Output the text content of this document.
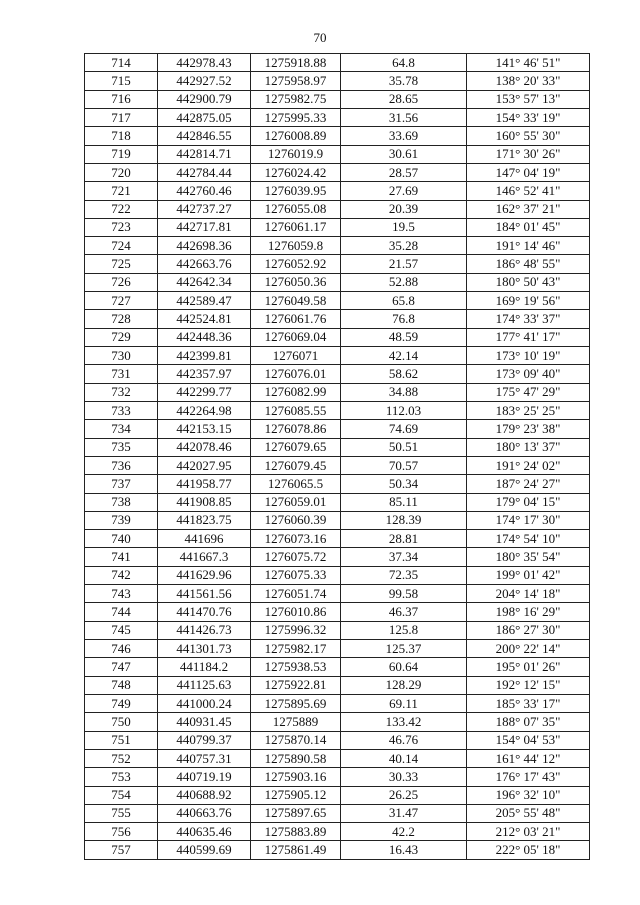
70
714	442978.43	1275918.88	64.8	141° 46' 51"
715	442927.52	1275958.97	35.78	138° 20' 33"
716	442900.79	1275982.75	28.65	153° 57' 13"
717	442875.05	1275995.33	31.56	154° 33' 19"
718	442846.55	1276008.89	33.69	160° 55' 30"
719	442814.71	1276019.9	30.61	171° 30' 26"
720	442784.44	1276024.42	28.57	147° 04' 19"
721	442760.46	1276039.95	27.69	146° 52' 41"
722	442737.27	1276055.08	20.39	162° 37' 21"
723	442717.81	1276061.17	19.5	184° 01' 45"
724	442698.36	1276059.8	35.28	191° 14' 46"
725	442663.76	1276052.92	21.57	186° 48' 55"
726	442642.34	1276050.36	52.88	180° 50' 43"
727	442589.47	1276049.58	65.8	169° 19' 56"
728	442524.81	1276061.76	76.8	174° 33' 37"
729	442448.36	1276069.04	48.59	177° 41' 17"
730	442399.81	1276071	42.14	173° 10' 19"
731	442357.97	1276076.01	58.62	173° 09' 40"
732	442299.77	1276082.99	34.88	175° 47' 29"
733	442264.98	1276085.55	112.03	183° 25' 25"
734	442153.15	1276078.86	74.69	179° 23' 38"
735	442078.46	1276079.65	50.51	180° 13' 37"
736	442027.95	1276079.45	70.57	191° 24' 02"
737	441958.77	1276065.5	50.34	187° 24' 27"
738	441908.85	1276059.01	85.11	179° 04' 15"
739	441823.75	1276060.39	128.39	174° 17' 30"
740	441696	1276073.16	28.81	174° 54' 10"
741	441667.3	1276075.72	37.34	180° 35' 54"
742	441629.96	1276075.33	72.35	199° 01' 42"
743	441561.56	1276051.74	99.58	204° 14' 18"
744	441470.76	1276010.86	46.37	198° 16' 29"
745	441426.73	1275996.32	125.8	186° 27' 30"
746	441301.73	1275982.17	125.37	200° 22' 14"
747	441184.2	1275938.53	60.64	195° 01' 26"
748	441125.63	1275922.81	128.29	192° 12' 15"
749	441000.24	1275895.69	69.11	185° 33' 17"
750	440931.45	1275889	133.42	188° 07' 35"
751	440799.37	1275870.14	46.76	154° 04' 53"
752	440757.31	1275890.58	40.14	161° 44' 12"
753	440719.19	1275903.16	30.33	176° 17' 43"
754	440688.92	1275905.12	26.25	196° 32' 10"
755	440663.76	1275897.65	31.47	205° 55' 48"
756	440635.46	1275883.89	42.2	212° 03' 21"
757	440599.69	1275861.49	16.43	222° 05' 18"
